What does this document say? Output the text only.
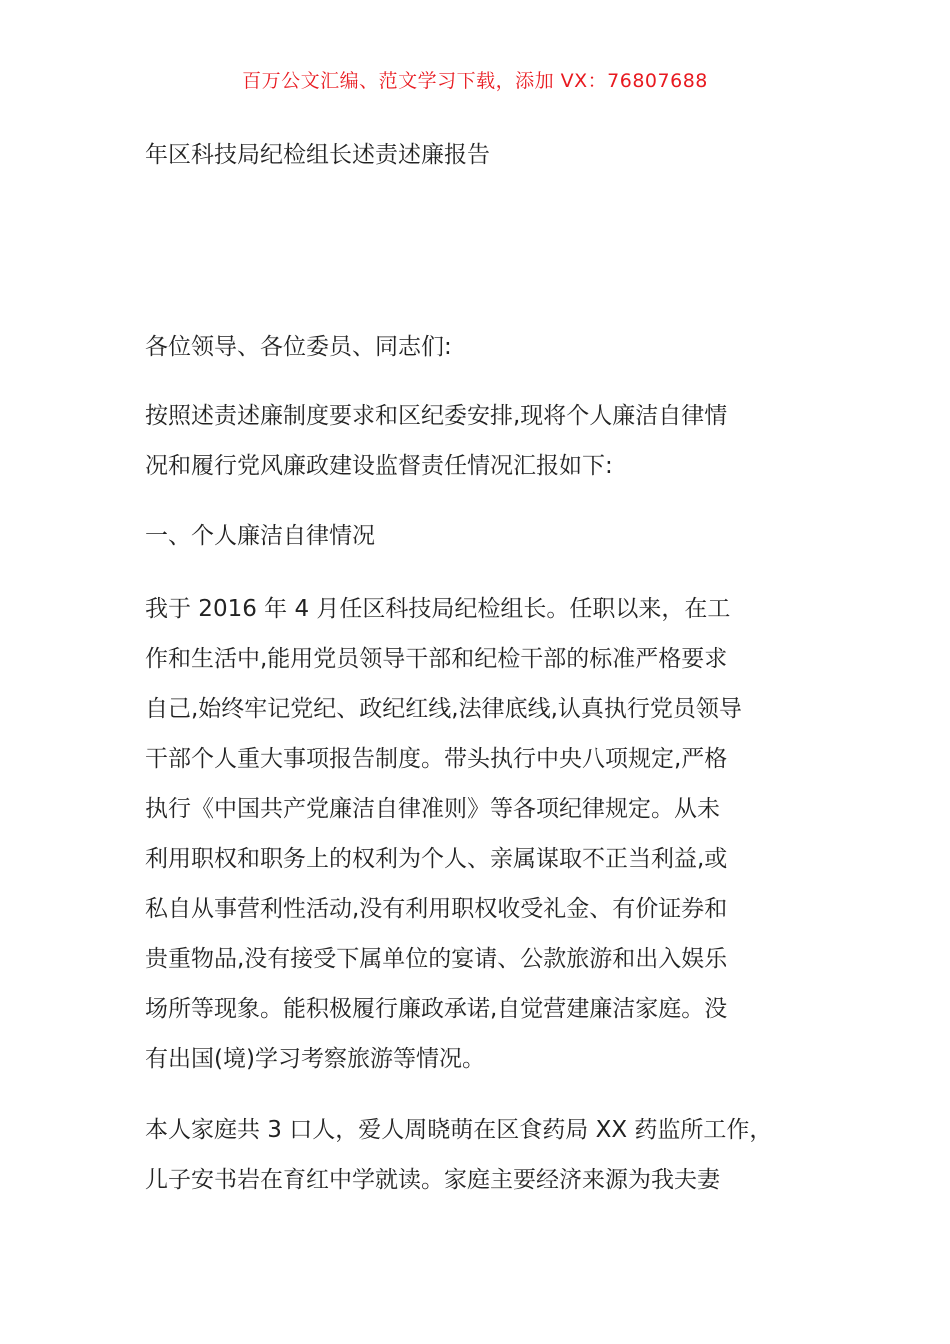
百万公文汇编、范文学习下载，添加 VX：76807688
年区科技局纪检组长述责述廉报告

各位领导、各位委员、同志们:

按照述责述廉制度要求和区纪委安排,现将个人廉洁自律情

况和履行党风廉政建设监督责任情况汇报如下:

一、个人廉洁自律情况

我于 2016 年 4 月任区科技局纪检组长。任职以来，在工

作和生活中,能用党员领导干部和纪检干部的标准严格要求

自己,始终牢记党纪、政纪红线,法律底线,认真执行党员领导

干部个人重大事项报告制度。带头执行中央八项规定,严格

执行《中国共产党廉洁自律准则》等各项纪律规定。从未

利用职权和职务上的权利为个人、亲属谋取不正当利益,或

私自从事营利性活动,没有利用职权收受礼金、有价证券和

贵重物品,没有接受下属单位的宴请、公款旅游和出入娱乐

场所等现象。能积极履行廉政承诺,自觉营建廉洁家庭。没

有出国(境)学习考察旅游等情况。

本人家庭共 3 口人，爱人周晓萌在区食药局 XX 药监所工作，

儿子安书岩在育红中学就读。家庭主要经济来源为我夫妻
